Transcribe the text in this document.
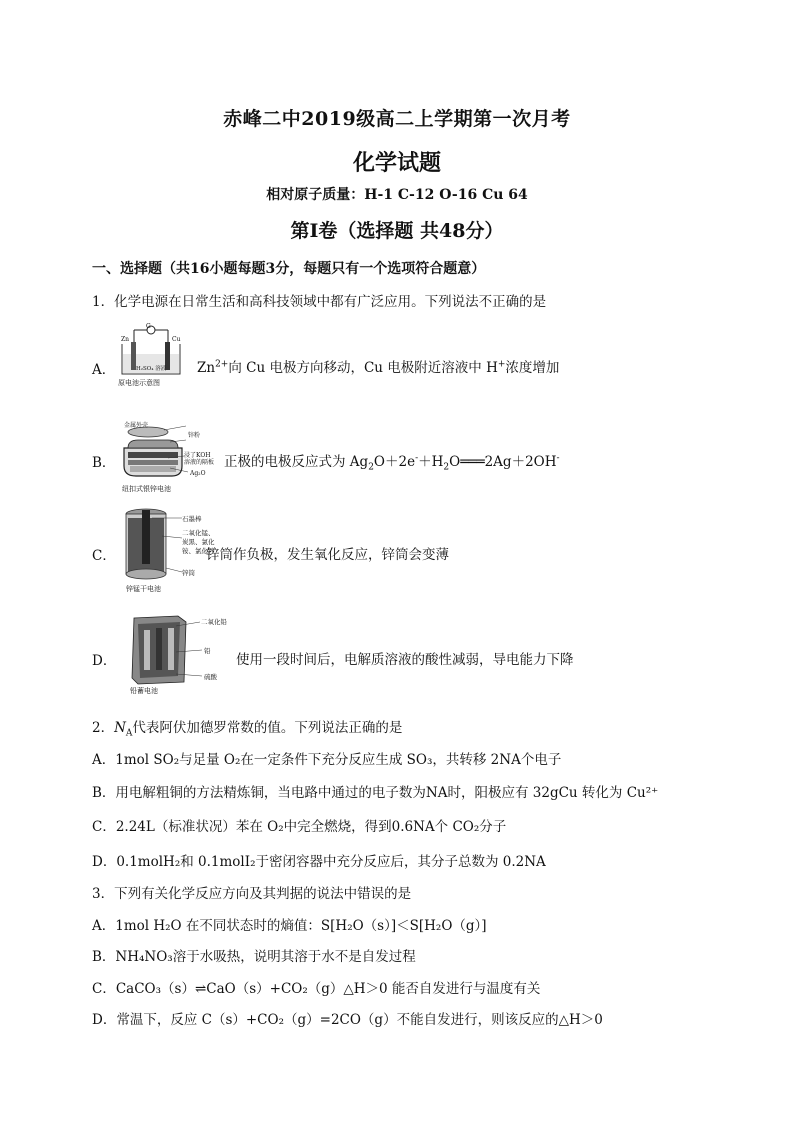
赤峰二中2019级高二上学期第一次月考
化学试题
相对原子质量：H-1 C-12 O-16 Cu 64
第I卷（选择题 共48分）
一、选择题（共16小题每题3分，每题只有一个选项符合题意）
1．化学电源在日常生活和高科技领域中都有广泛应用。下列说法不正确的是
A．
G
Zn	Cu
H₂SO₄ 溶液
原电池示意图
$Zn^{2+}$向 Cu 电极方向移动，Cu 电极附近溶液中 H+浓度增加
B．
金属外壳
锌粉
浸了KOH
溶液的隔板
Ag₂O
纽扣式银锌电池
正极的电极反应式为 $Ag_2O+2e^-+H_2O═══2Ag+2OH^-$
C．
石墨棒
二氧化锰、
炭黑、氯化
铵、氯化锌
锌筒
锌锰干电池
锌筒作负极，发生氧化反应，锌筒会变薄
D．
二氧化铅
铅
硫酸
铅蓄电池
使用一段时间后，电解质溶液的酸性减弱，导电能力下降
2．$N_A$代表阿伏加德罗常数的值。下列说法正确的是
A．1mol SO₂与足量 O₂在一定条件下充分反应生成 SO₃，共转移 2NA个电子
B．用电解粗铜的方法精炼铜，当电路中通过的电子数为NA时，阳极应有 32gCu 转化为 Cu²⁺
C．2.24L（标准状况）苯在 O₂中完全燃烧，得到0.6NA个 CO₂分子
D．0.1molH₂和 0.1molI₂于密闭容器中充分反应后，其分子总数为 0.2NA
3．下列有关化学反应方向及其判据的说法中错误的是
A．1mol H₂O 在不同状态时的熵值：S[H₂O（s）]＜S[H₂O（g）]
B．NH₄NO₃溶于水吸热，说明其溶于水不是自发过程
C．CaCO₃（s）⇌CaO（s）+CO₂（g）△H＞0 能否自发进行与温度有关
D．常温下，反应 C（s）+CO₂（g）=2CO（g）不能自发进行，则该反应的△H＞0
